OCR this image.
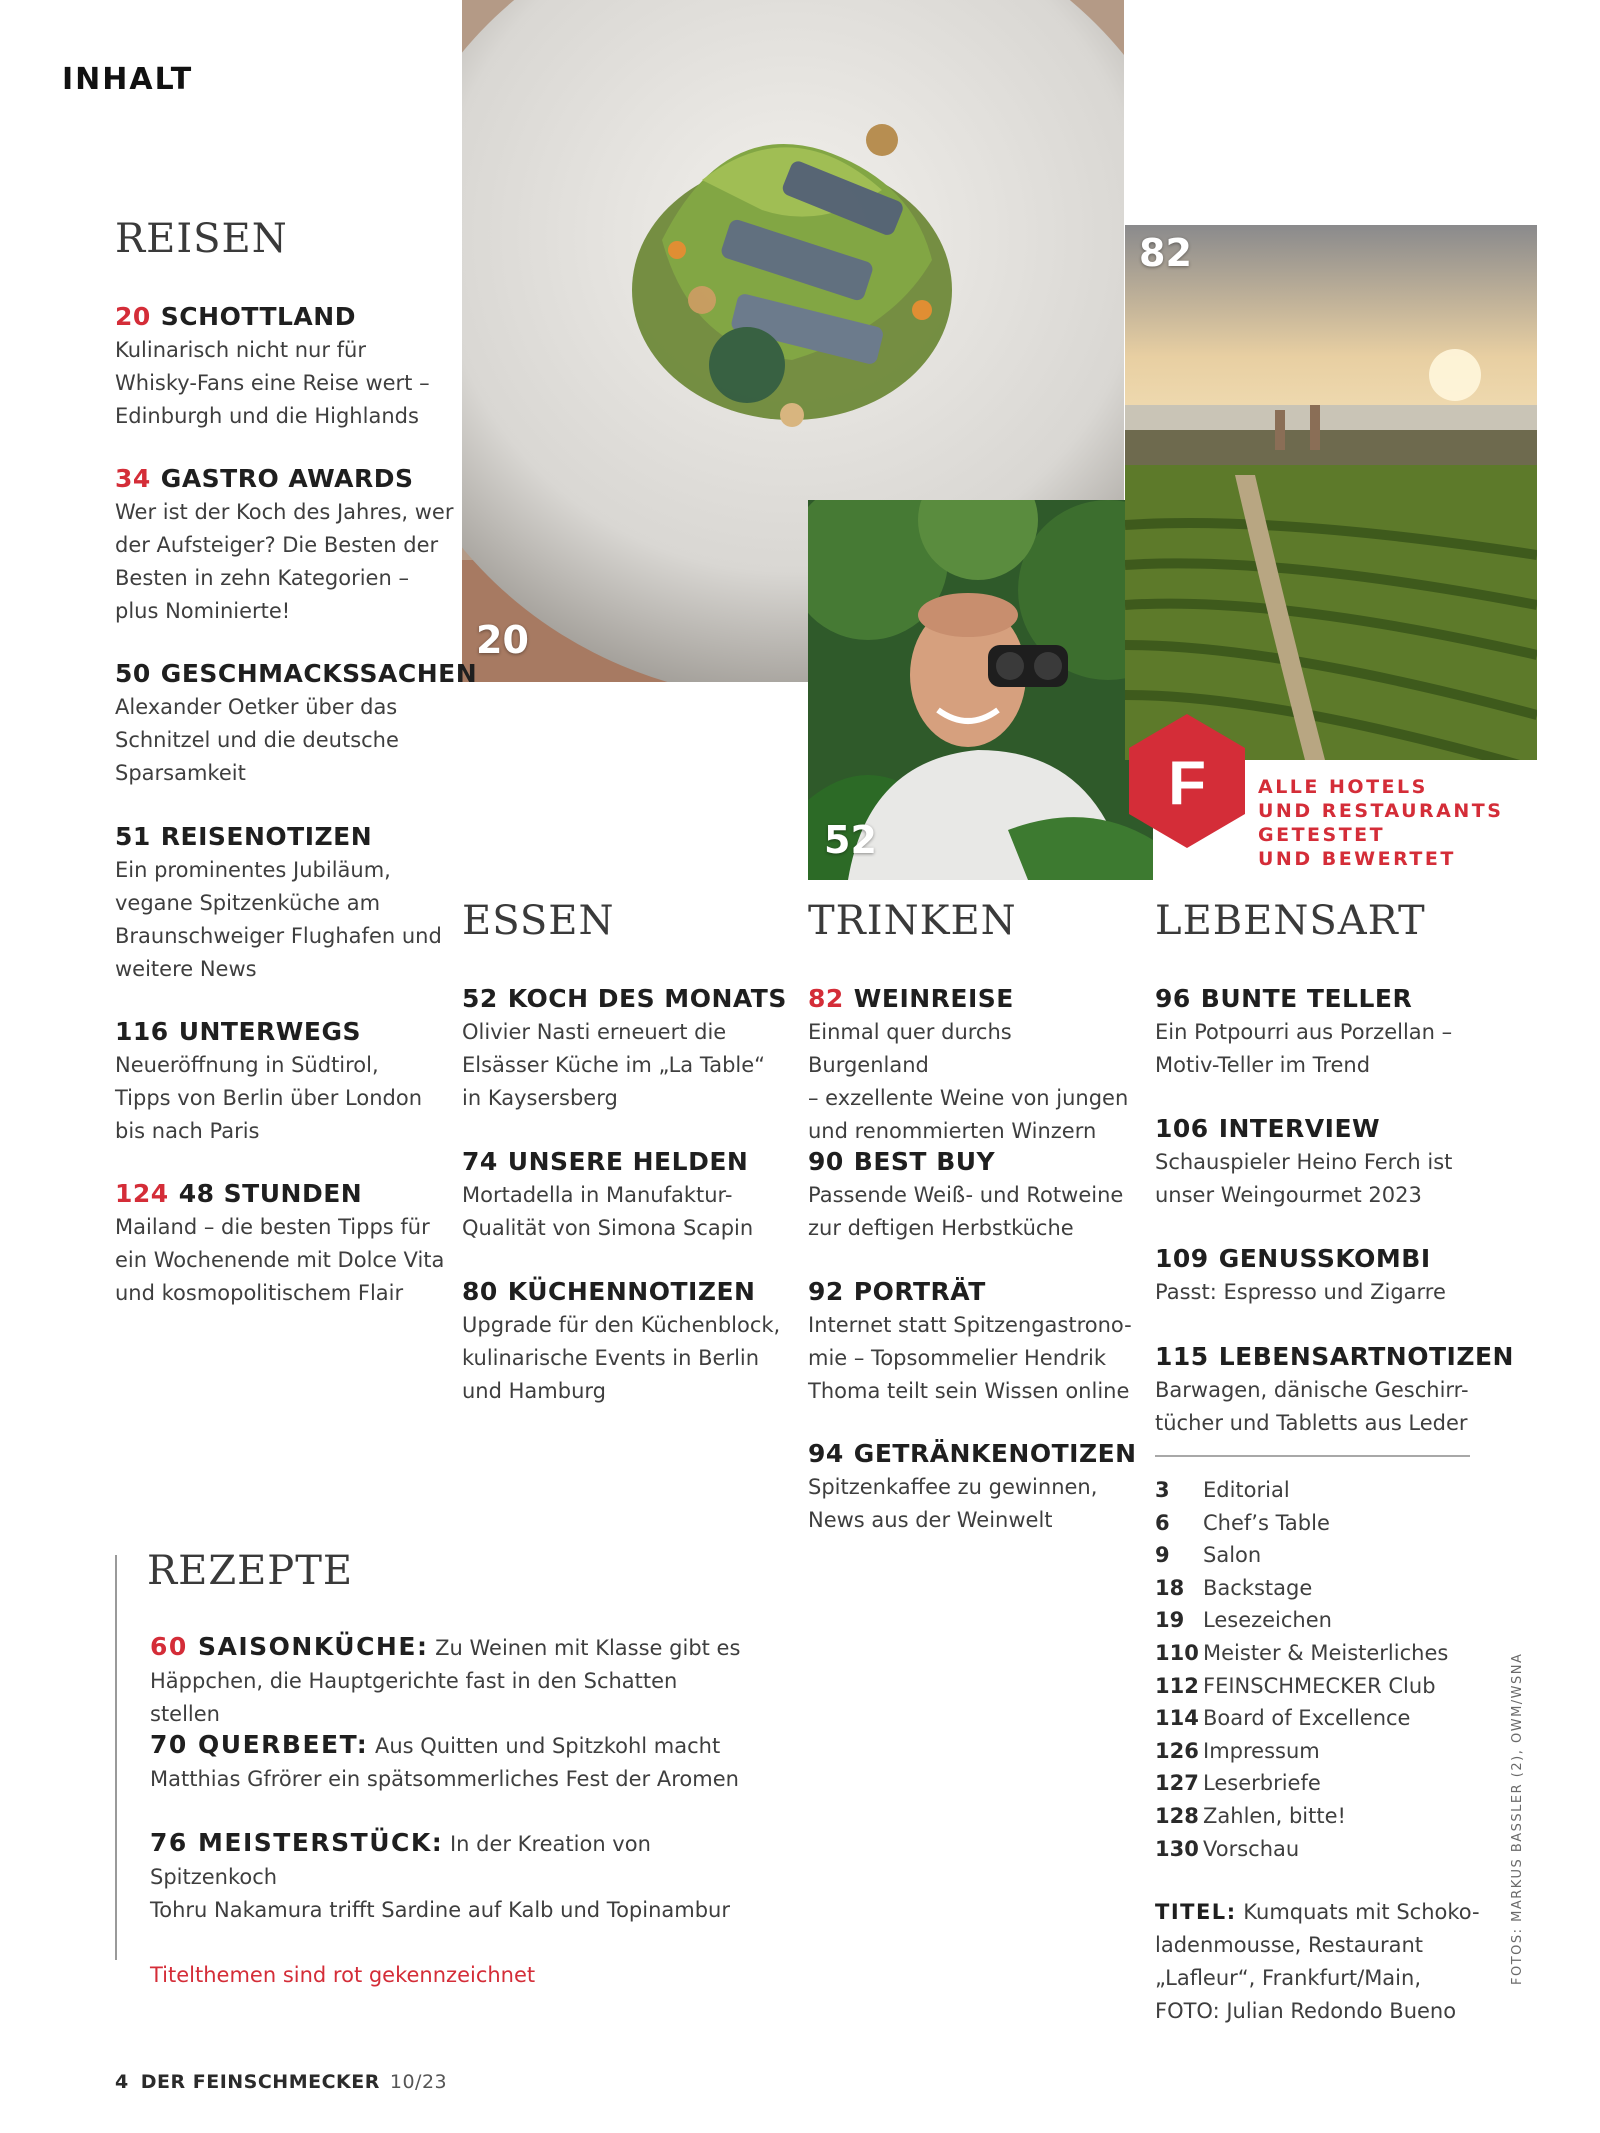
INHALT
20
52
82
F	ALLE HOTELS
UND RESTAURANTS
GETESTET
UND BEWERTET
REISEN
ESSEN	TRINKEN	LEBENSART
REZEPTE
20 SCHOTTLAND
Kulinarisch nicht nur für
Whisky-Fans eine Reise wert –
Edinburgh und die Highlands
34 GASTRO AWARDS
Wer ist der Koch des Jahres, wer
der Aufsteiger? Die Besten der
Besten in zehn Kategorien –
plus Nominierte!
50 GESCHMACKSSACHEN
Alexander Oetker über das
Schnitzel und die deutsche
Sparsamkeit
51 REISENOTIZEN
Ein prominentes Jubiläum,
vegane Spitzenküche am
Braunschweiger Flughafen und
weitere News
116 UNTERWEGS
Neueröffnung in Südtirol,
Tipps von Berlin über London
bis nach Paris
124 48 STUNDEN
Mailand – die besten Tipps für
ein Wochenende mit Dolce Vita
und kosmopolitischem Flair
52 KOCH DES MONATS
Olivier Nasti erneuert die
Elsässer Küche im „La Table“
in Kaysersberg
74 UNSERE HELDEN
Mortadella in Manufaktur-
Qualität von Simona Scapin
80 KÜCHENNOTIZEN
Upgrade für den Küchenblock,
kulinarische Events in Berlin
und Hamburg
82 WEINREISE
Einmal quer durchs Burgenland
– exzellente Weine von jungen
und renommierten Winzern
90 BEST BUY
Passende Weiß- und Rotweine
zur deftigen Herbstküche
92 PORTRÄT
Internet statt Spitzengastrono-
mie – Topsommelier Hendrik
Thoma teilt sein Wissen online
94 GETRÄNKENOTIZEN
Spitzenkaffee zu gewinnen,
News aus der Weinwelt
96 BUNTE TELLER
Ein Potpourri aus Porzellan –
Motiv-Teller im Trend
106 INTERVIEW
Schauspieler Heino Ferch ist
unser Weingourmet 2023
109 GENUSSKOMBI
Passt: Espresso und Zigarre
115 LEBENSARTNOTIZEN
Barwagen, dänische Geschirr-
tücher und Tabletts aus Leder
60 SAISONKÜCHE: Zu Weinen mit Klasse gibt es
Häppchen, die Hauptgerichte fast in den Schatten stellen
70 QUERBEET: Aus Quitten und Spitzkohl macht
Matthias Gfrörer ein spätsommerliches Fest der Aromen
76 MEISTERSTÜCK: In der Kreation von Spitzenkoch
Tohru Nakamura trifft Sardine auf Kalb und Topinambur
Titelthemen sind rot gekennzeichnet
3 Editorial
6 Chef’s Table
9 Salon
18 Backstage
19 Lesezeichen
110 Meister & Meisterliches
112 FEINSCHMECKER Club
114 Board of Excellence
126 Impressum
127 Leserbriefe
128 Zahlen, bitte!
130 Vorschau
TITEL: Kumquats mit Schoko-
ladenmousse, Restaurant
„Lafleur“, Frankfurt/Main,
FOTO: Julian Redondo Bueno
4 DER FEINSCHMECKER 10/23
FOTOS: MARKUS BASSLER (2), OWM/WSNA
